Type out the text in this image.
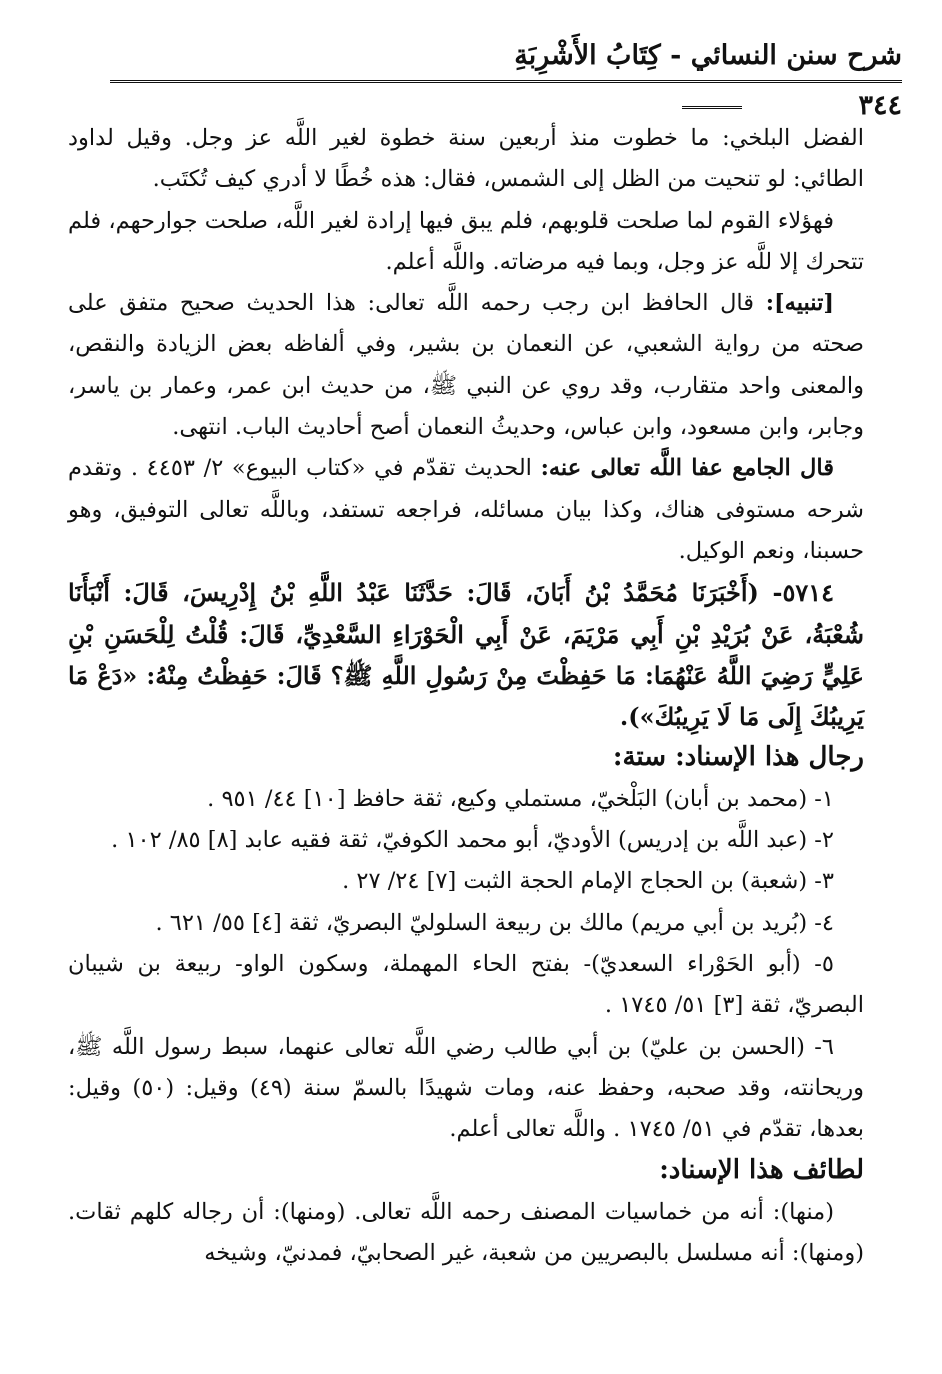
شرح سنن النسائي - كِتَابُ الأَشْرِبَةِ
٣٤٤

الفضل البلخي: ما خطوت منذ أربعين سنة خطوة لغير اللَّه عز وجل. وقيل لداود الطائي: لو تنحيت من الظل إلى الشمس، فقال: هذه خُطًا لا أدري كيف تُكتَب.

فهؤلاء القوم لما صلحت قلوبهم، فلم يبق فيها إرادة لغير اللَّه، صلحت جوارحهم، فلم تتحرك إلا للَّه عز وجل، وبما فيه مرضاته. واللَّه أعلم.

[تنبيه]: قال الحافظ ابن رجب رحمه اللَّه تعالى: هذا الحديث صحيح متفق على صحته من رواية الشعبي، عن النعمان بن بشير، وفي ألفاظه بعض الزيادة والنقص، والمعنى واحد متقارب، وقد روي عن النبي ﷺ، من حديث ابن عمر، وعمار بن ياسر، وجابر، وابن مسعود، وابن عباس، وحديثُ النعمان أصح أحاديث الباب. انتهى.

قال الجامع عفا اللَّه تعالى عنه: الحديث تقدّم في «كتاب البيوع» ٢/ ٤٤٥٣ . وتقدم شرحه مستوفى هناك، وكذا بيان مسائله، فراجعه تستفد، وباللَّه تعالى التوفيق، وهو حسبنا، ونعم الوكيل.

٥٧١٤- (أَخْبَرَنَا مُحَمَّدُ بْنُ أَبَانَ، قَالَ: حَدَّثَنَا عَبْدُ اللَّهِ بْنُ إِدْرِيسَ، قَالَ: أَنْبَأَنَا شُعْبَةُ، عَنْ بُرَيْدِ بْنِ أَبِي مَرْيَمَ، عَنْ أَبِي الْحَوْرَاءِ السَّعْدِيِّ، قَالَ: قُلْتُ لِلْحَسَنِ بْنِ عَلِيٍّ رَضِيَ اللَّهُ عَنْهُمَا: مَا حَفِظْتَ مِنْ رَسُولِ اللَّهِ ﷺ؟ قَالَ: حَفِظْتُ مِنْهُ: «دَعْ مَا يَرِيبُكَ إِلَى مَا لَا يَرِيبُكَ»).

رجال هذا الإسناد: ستة:

١- (محمد بن أبان) البَلْخيّ، مستملي وكيع، ثقة حافظ [١٠] ٤٤/ ٩٥١ .
٢- (عبد اللَّه بن إدريس) الأوديّ، أبو محمد الكوفيّ، ثقة فقيه عابد [٨] ٨٥/ ١٠٢ .
٣- (شعبة) بن الحجاج الإمام الحجة الثبت [٧] ٢٤/ ٢٧ .
٤- (بُريد بن أبي مريم) مالك بن ربيعة السلوليّ البصريّ، ثقة [٤] ٥٥/ ٦٢١ .
٥- (أبو الحَوْراء السعديّ)- بفتح الحاء المهملة، وسكون الواو- ربيعة بن شيبان البصريّ، ثقة [٣] ٥١/ ١٧٤٥ .
٦- (الحسن بن عليّ) بن أبي طالب رضي اللَّه تعالى عنهما، سبط رسول اللَّه ﷺ، وريحانته، وقد صحبه، وحفظ عنه، ومات شهيدًا بالسمّ سنة (٤٩) وقيل: (٥٠) وقيل: بعدها، تقدّم في ٥١/ ١٧٤٥ . واللَّه تعالى أعلم.

لطائف هذا الإسناد:

(منها): أنه من خماسيات المصنف رحمه اللَّه تعالى. (ومنها): أن رجاله كلهم ثقات. (ومنها): أنه مسلسل بالبصريين من شعبة، غير الصحابيّ، فمدنيّ، وشيخه
